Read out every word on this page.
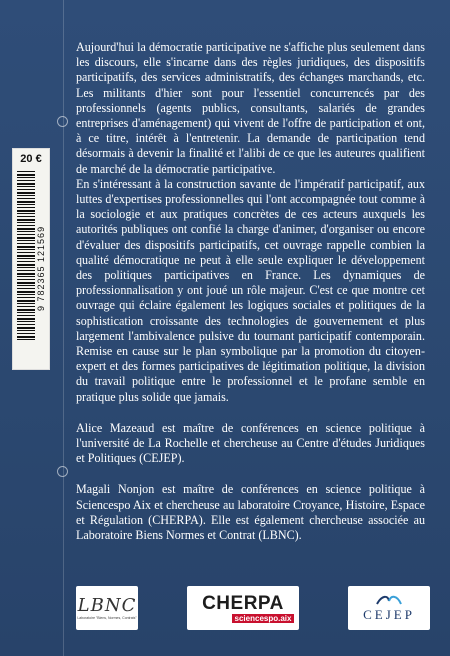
20 €
9 782365 121569

Aujourd'hui la démocratie participative ne s'affiche plus seulement dans les discours, elle s'incarne dans des règles juridiques, des dispositifs participatifs, des services administratifs, des échanges marchands, etc. Les militants d'hier sont pour l'essentiel concurrencés par des professionnels (agents publics, consultants, salariés de grandes entreprises d'aménagement) qui vivent de l'offre de participation et ont, à ce titre, intérêt à l'entretenir. La demande de participation tend désormais à devenir la finalité et l'alibi de ce que les auteures qualifient de marché de la démocratie participative.

En s'intéressant à la construction savante de l'impératif participatif, aux luttes d'expertises professionnelles qui l'ont accompagnée tout comme à la sociologie et aux pratiques concrètes de ces acteurs auxquels les autorités publiques ont confié la charge d'animer, d'organiser ou encore d'évaluer des dispositifs participatifs, cet ouvrage rappelle combien la qualité démocratique ne peut à elle seule expliquer le développement des politiques participatives en France. Les dynamiques de professionnalisation y ont joué un rôle majeur. C'est ce que montre cet ouvrage qui éclaire également les logiques sociales et politiques de la sophistication croissante des technologies de gouvernement et plus largement l'ambivalence pulsive du tournant participatif contemporain. Remise en cause sur le plan symbolique par la promotion du citoyen-expert et des formes participatives de légitimation politique, la division du travail politique entre le professionnel et le profane semble en pratique plus solide que jamais.

Alice Mazeaud est maître de conférences en science politique à l'université de La Rochelle et chercheuse au Centre d'études Juridiques et Politiques (CEJEP).

Magali Nonjon est maître de conférences en science politique à Sciencespo Aix et chercheuse au laboratoire Croyance, Histoire, Espace et Régulation (CHERPA). Elle est également chercheuse associée au Laboratoire Biens Normes et Contrat (LBNC).

LBNC
Laboratoire "Biens, Normes, Contrats"
CHERPA
sciencespo.aix	CEJEP
